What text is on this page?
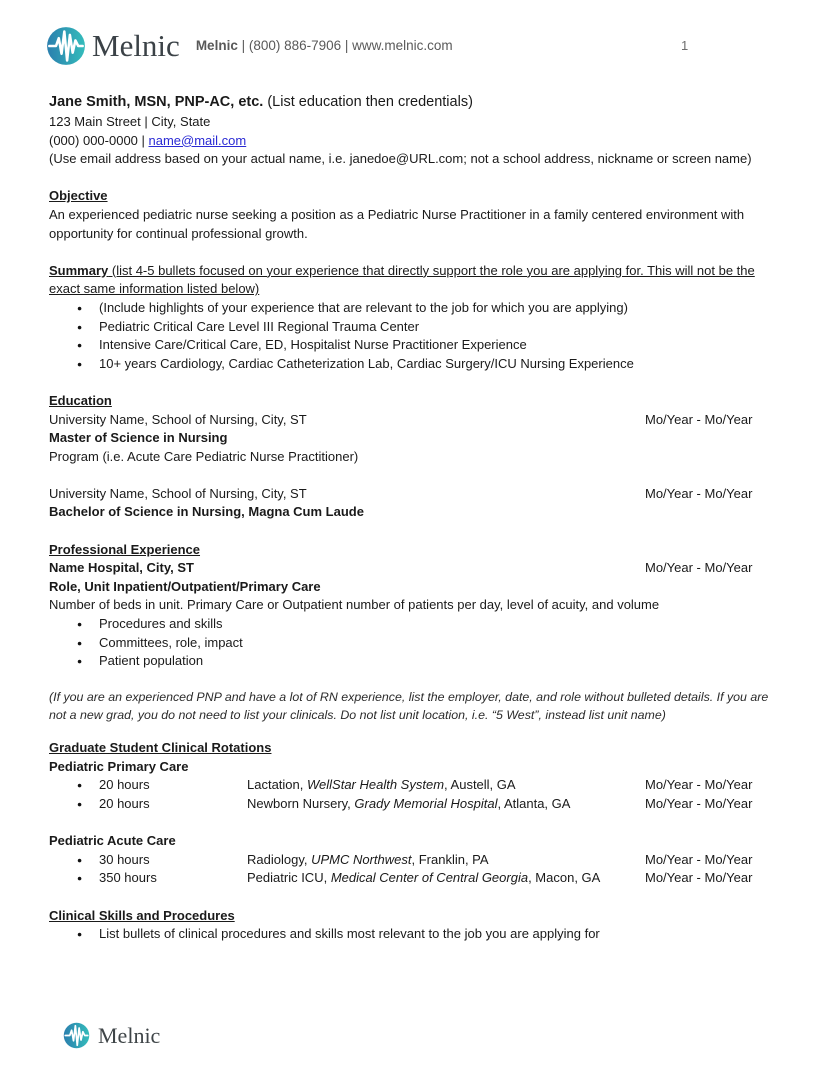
Melnic Melnic | (800) 886-7906 | www.melnic.com	1
Jane Smith, MSN, PNP-AC, etc. (List education then credentials)
123 Main Street | City, State
(000) 000-0000 | name@mail.com
(Use email address based on your actual name, i.e. janedoe@URL.com; not a school address, nickname or screen name)
Objective
An experienced pediatric nurse seeking a position as a Pediatric Nurse Practitioner in a family centered environment with opportunity for continual professional growth.
Summary (list 4-5 bullets focused on your experience that directly support the role you are applying for. This will not be the exact same information listed below)
●	(Include highlights of your experience that are relevant to the job for which you are applying)
●	Pediatric Critical Care Level III Regional Trauma Center
●	Intensive Care/Critical Care, ED, Hospitalist Nurse Practitioner Experience
●	10+ years Cardiology, Cardiac Catheterization Lab, Cardiac Surgery/ICU Nursing Experience
Education
University Name, School of Nursing, City, ST	Mo/Year - Mo/Year
Master of Science in Nursing
Program (i.e. Acute Care Pediatric Nurse Practitioner)
University Name, School of Nursing, City, ST	Mo/Year - Mo/Year
Bachelor of Science in Nursing, Magna Cum Laude
Professional Experience
Name Hospital, City, ST	Mo/Year - Mo/Year
Role, Unit Inpatient/Outpatient/Primary Care
Number of beds in unit. Primary Care or Outpatient number of patients per day, level of acuity, and volume
●	Procedures and skills
●	Committees, role, impact
●	Patient population
(If you are an experienced PNP and have a lot of RN experience, list the employer, date, and role without bulleted details. If you are not a new grad, you do not need to list your clinicals. Do not list unit location, i.e. “5 West”, instead list unit name)
Graduate Student Clinical Rotations
Pediatric Primary Care
●	20 hours	Lactation, WellStar Health System, Austell, GA	Mo/Year - Mo/Year
●	20 hours	Newborn Nursery, Grady Memorial Hospital, Atlanta, GA	Mo/Year - Mo/Year
Pediatric Acute Care
●	30 hours	Radiology, UPMC Northwest, Franklin, PA	Mo/Year - Mo/Year
●	350 hours	Pediatric ICU, Medical Center of Central Georgia, Macon, GA	Mo/Year - Mo/Year
Clinical Skills and Procedures
●	List bullets of clinical procedures and skills most relevant to the job you are applying for
Melnic
